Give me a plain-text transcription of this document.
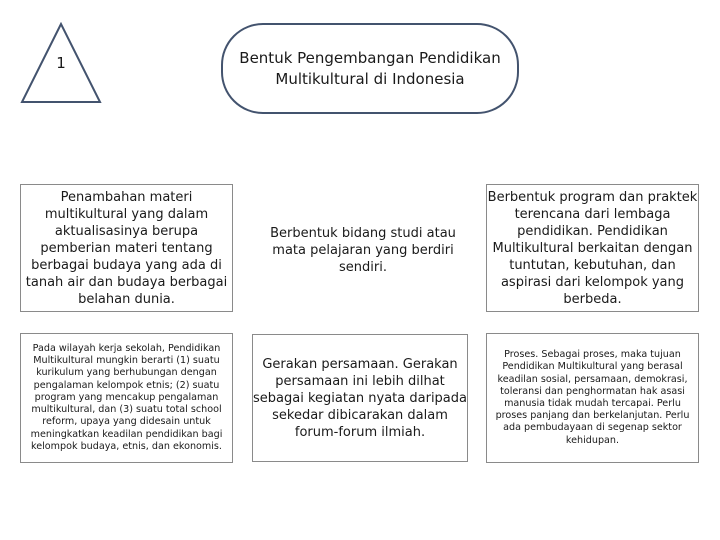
1	Bentuk Pengembangan Pendidikan Multikultural di Indonesia
Penambahan materi multikultural yang dalam aktualisasinya berupa pemberian materi tentang berbagai budaya yang ada di tanah air dan budaya berbagai belahan dunia.
Berbentuk bidang studi atau mata pelajaran yang berdiri sendiri.
Berbentuk program dan praktek terencana dari lembaga pendidikan. Pendidikan Multikultural berkaitan dengan tuntutan, kebutuhan, dan aspirasi dari kelompok yang berbeda.
Pada wilayah kerja sekolah, Pendidikan Multikultural mungkin berarti (1) suatu kurikulum yang berhubungan dengan pengalaman kelompok etnis; (2) suatu program yang mencakup pengalaman multikultural, dan (3) suatu total school reform, upaya yang didesain untuk meningkatkan keadilan pendidikan bagi kelompok budaya, etnis, dan ekonomis.
Gerakan persamaan. Gerakan persamaan ini lebih dilhat sebagai kegiatan nyata daripada sekedar dibicarakan dalam forum-forum ilmiah.
Proses. Sebagai proses, maka tujuan Pendidikan Multikultural yang berasal keadilan sosial, persamaan, demokrasi, toleransi dan penghormatan hak asasi manusia tidak mudah tercapai. Perlu proses panjang dan berkelanjutan. Perlu ada pembudayaan di segenap sektor kehidupan.
